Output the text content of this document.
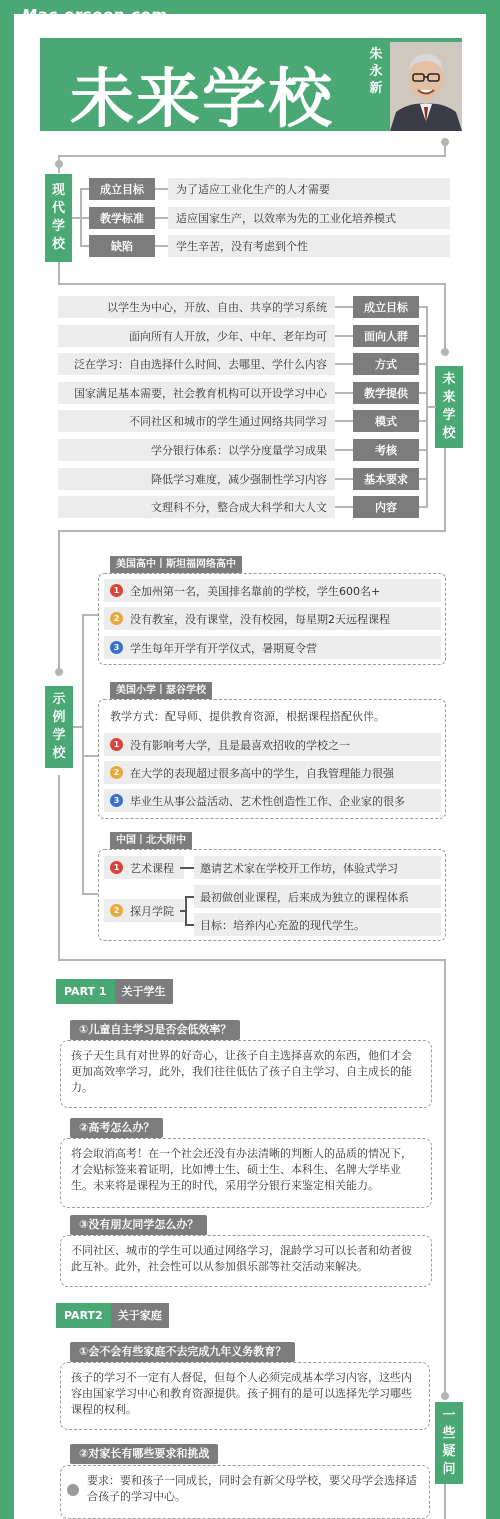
Mac.orsoon.com
未来学校
朱永新
现代学校
成立目标	为了适应工业化生产的人才需要
教学标准	适应国家生产，以效率为先的工业化培养模式
缺陷	学生辛苦，没有考虑到个性
未来学校
以学生为中心，开放、自由、共享的学习系统	成立目标
面向所有人开放，少年、中年、老年均可	面向人群
泛在学习：自由选择什么时间、去哪里、学什么内容	方式
国家满足基本需要，社会教育机构可以开设学习中心	教学提供
不同社区和城市的学生通过网络共同学习	模式
学分银行体系：以学分度量学习成果	考核
降低学习难度，减少强制性学习内容	基本要求
文理科不分，整合成大科学和大人文	内容
示例学校
美国高中丨斯坦福网络高中
1 全加州第一名，美国排名靠前的学校，学生600名+
2 没有教室，没有课堂，没有校园，每星期2天远程课程
3 学生每年开学有开学仪式，暑期夏令营
美国小学丨瑟谷学校
教学方式：配导师、提供教育资源，根据课程搭配伙伴。
1 没有影响考大学，且是最喜欢招收的学校之一
2 在大学的表现超过很多高中的学生，自我管理能力很强
3 毕业生从事公益活动、艺术性创造性工作、企业家的很多
中国丨北大附中
1 艺术课程	邀请艺术家在学校开工作坊，体验式学习
2 探月学院
最初做创业课程，后来成为独立的课程体系
目标：培养内心充盈的现代学生。
一些疑问
PART 1	关于学生
①儿童自主学习是否会低效率？
孩子天生具有对世界的好奇心，让孩子自主选择喜欢的东西，他们才会更加高效率学习，此外，我们往往低估了孩子自主学习、自主成长的能力。
②高考怎么办？
将会取消高考！在一个社会还没有办法清晰的判断人的品质的情况下，才会贴标签来着证明，比如博士生、硕士生、本科生、名牌大学毕业生。未来将是课程为王的时代，采用学分银行来鉴定相关能力。
③没有朋友同学怎么办？
不同社区、城市的学生可以通过网络学习，混龄学习可以长者和幼者彼此互补。此外，社会性可以从参加俱乐部等社交活动来解决。
PART2	关于家庭
①会不会有些家庭不去完成九年义务教育？
孩子的学习不一定有人督促，但每个人必须完成基本学习内容，这些内容由国家学习中心和教育资源提供。孩子拥有的是可以选择先学习哪些课程的权利。
②对家长有哪些要求和挑战
要求：要和孩子一同成长，同时会有新父母学校，要父母学会选择适合孩子的学习中心。
